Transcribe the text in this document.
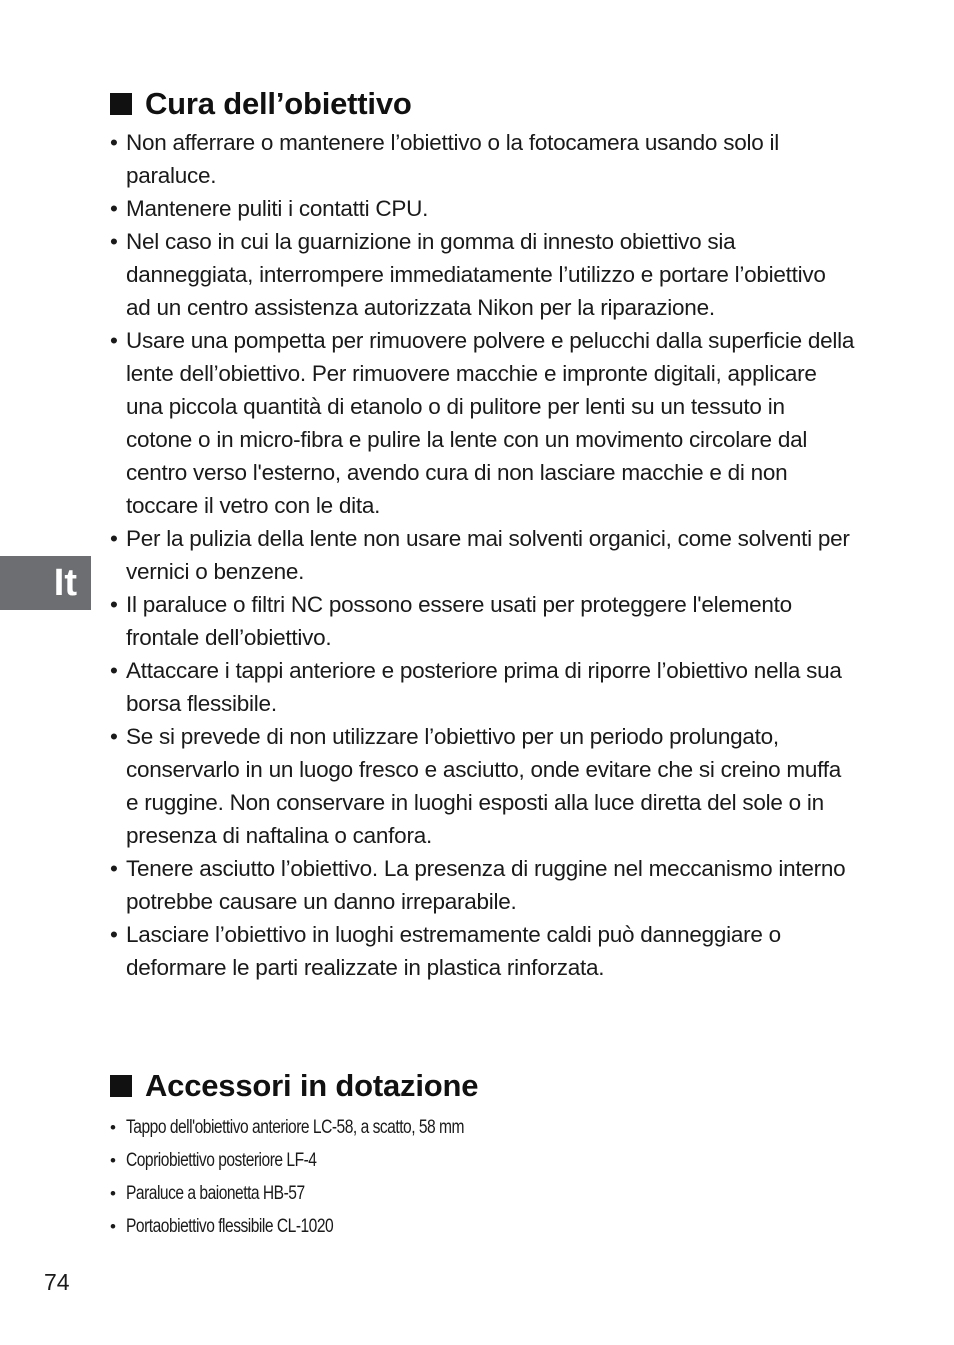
Cura dell’obiettivo
• Non afferrare o mantenere l’obiettivo o la fotocamera usando solo il paraluce.
• Mantenere puliti i contatti CPU.
• Nel caso in cui la guarnizione in gomma di innesto obiettivo sia danneggiata, interrompere immediatamente l’utilizzo e portare l’obiettivo ad un centro assistenza autorizzata Nikon per la riparazione.
• Usare una pompetta per rimuovere polvere e pelucchi dalla superficie della lente dell’obiettivo. Per rimuovere macchie e impronte digitali, applicare una piccola quantità di etanolo o di pulitore per lenti su un tessuto in cotone o in micro-fibra e pulire la lente con un movimento circolare dal centro verso l'esterno, avendo cura di non lasciare macchie e di non toccare il vetro con le dita.
• Per la pulizia della lente non usare mai solventi organici, come solventi per vernici o benzene.
• Il paraluce o filtri NC possono essere usati per proteggere l'elemento frontale dell’obiettivo.
• Attaccare i tappi anteriore e posteriore prima di riporre l’obiettivo nella sua borsa flessibile.
• Se si prevede di non utilizzare l’obiettivo per un periodo prolungato, conservarlo in un luogo fresco e asciutto, onde evitare che si creino muffa e ruggine. Non conservare in luoghi esposti alla luce diretta del sole o in presenza di naftalina o canfora.
• Tenere asciutto l’obiettivo. La presenza di ruggine nel meccanismo interno potrebbe causare un danno irreparabile.
• Lasciare l’obiettivo in luoghi estremamente caldi può danneggiare o deformare le parti realizzate in plastica rinforzata.
Accessori in dotazione
• Tappo dell'obiettivo anteriore LC-58, a scatto, 58 mm
• Copriobiettivo posteriore LF-4
• Paraluce a baionetta HB-57
• Portaobiettivo flessibile CL-1020
It
74
